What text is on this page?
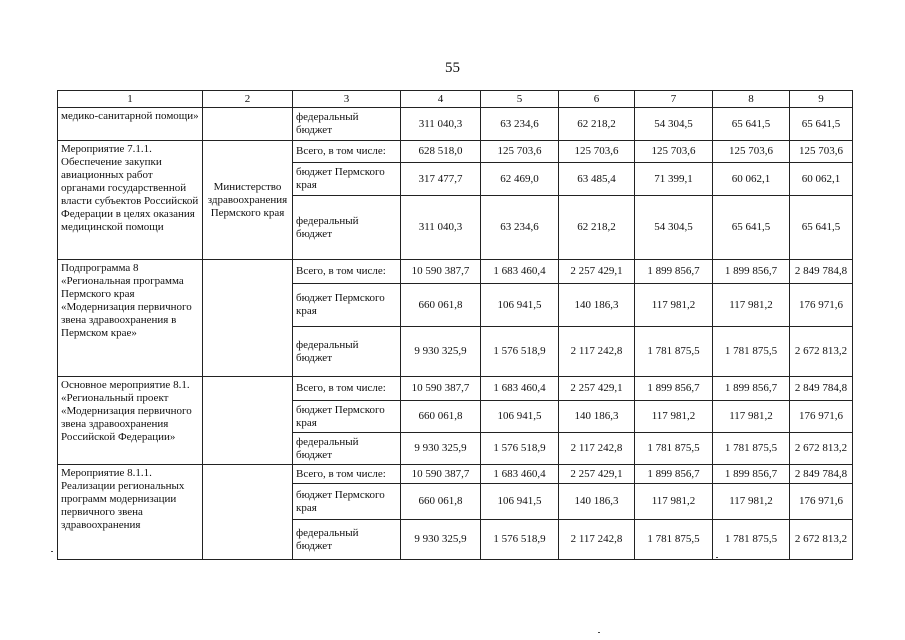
55
1	2	3	4	5	6	7	8	9
медико-санитарной помощи»		федеральный бюджет	311 040,3	63 234,6	62 218,2	54 304,5	65 641,5	65 641,5
Мероприятие 7.1.1. Обеспечение закупки авиационных работ органами государственной власти субъектов Российской Федерации в целях оказания медицинской помощи	Министерство здравоохранения Пермского края	Всего, в том числе:	628 518,0	125 703,6	125 703,6	125 703,6	125 703,6	125 703,6
		бюджет Пермского края	317 477,7	62 469,0	63 485,4	71 399,1	60 062,1	60 062,1
		федеральный бюджет	311 040,3	63 234,6	62 218,2	54 304,5	65 641,5	65 641,5
Подпрограмма 8 «Региональная программа Пермского края «Модернизация первичного звена здравоохранения в Пермском крае»		Всего, в том числе:	10 590 387,7	1 683 460,4	2 257 429,1	1 899 856,7	1 899 856,7	2 849 784,8
		бюджет Пермского края	660 061,8	106 941,5	140 186,3	117 981,2	117 981,2	176 971,6
		федеральный бюджет	9 930 325,9	1 576 518,9	2 117 242,8	1 781 875,5	1 781 875,5	2 672 813,2
Основное мероприятие 8.1. «Региональный проект «Модернизация первичного звена здравоохранения Российской Федерации»		Всего, в том числе:	10 590 387,7	1 683 460,4	2 257 429,1	1 899 856,7	1 899 856,7	2 849 784,8
		бюджет Пермского края	660 061,8	106 941,5	140 186,3	117 981,2	117 981,2	176 971,6
		федеральный бюджет	9 930 325,9	1 576 518,9	2 117 242,8	1 781 875,5	1 781 875,5	2 672 813,2
Мероприятие 8.1.1. Реализации региональных программ модернизации первичного звена здравоохранения		Всего, в том числе:	10 590 387,7	1 683 460,4	2 257 429,1	1 899 856,7	1 899 856,7	2 849 784,8
		бюджет Пермского края	660 061,8	106 941,5	140 186,3	117 981,2	117 981,2	176 971,6
		федеральный бюджет	9 930 325,9	1 576 518,9	2 117 242,8	1 781 875,5	1 781 875,5	2 672 813,2
